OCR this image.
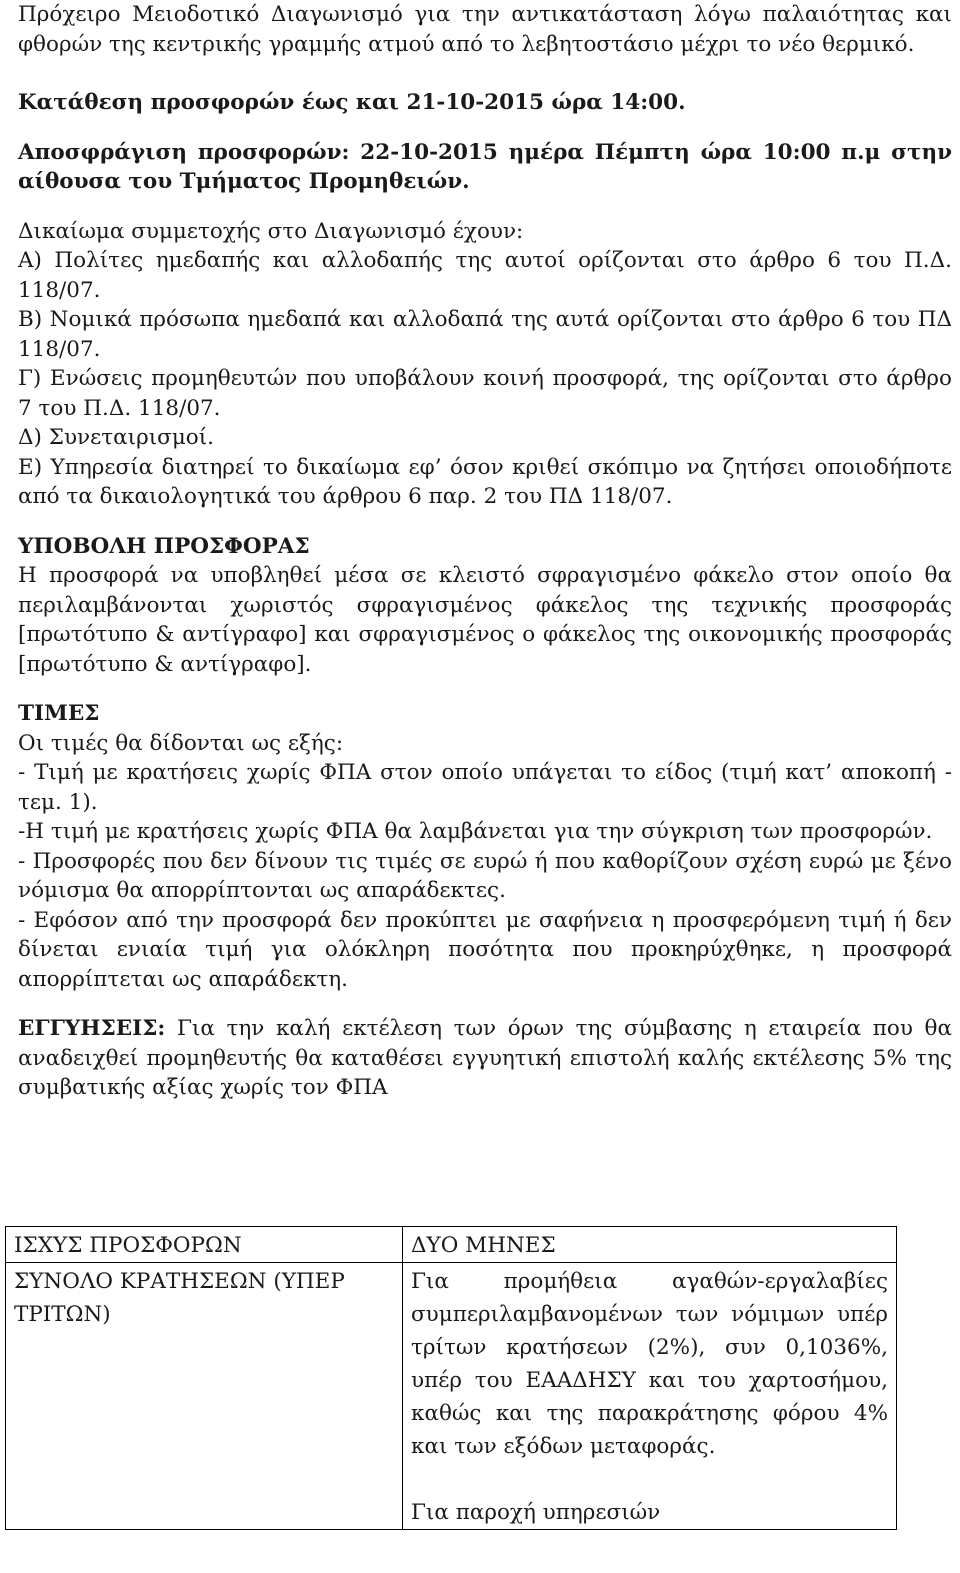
Πρόχειρο Μειοδοτικό Διαγωνισμό για την αντικατάσταση λόγω παλαιότητας και φθορών της κεντρικής γραμμής ατμού από το λεβητοστάσιο μέχρι το νέο θερμικό.

Κατάθεση προσφορών έως και 21-10-2015 ώρα 14:00.

Αποσφράγιση προσφορών: 22-10-2015 ημέρα Πέμπτη ώρα 10:00 π.μ στην αίθουσα του Τμήματος Προμηθειών.

Δικαίωμα συμμετοχής στο Διαγωνισμό έχουν:

Α) Πολίτες ημεδαπής και αλλοδαπής της αυτοί ορίζονται στο άρθρο 6 του Π.Δ. 118/07.

Β) Νομικά πρόσωπα ημεδαπά και αλλοδαπά της αυτά ορίζονται στο άρθρο 6 του ΠΔ 118/07.

Γ) Ενώσεις προμηθευτών που υποβάλουν κοινή προσφορά, της ορίζονται στο άρθρο 7 του Π.Δ. 118/07.

Δ) Συνεταιρισμοί.

Ε) Υπηρεσία διατηρεί το δικαίωμα εφ’ όσον κριθεί σκόπιμο να ζητήσει οποιοδήποτε από τα δικαιολογητικά του άρθρου 6 παρ. 2 του ΠΔ 118/07.

ΥΠΟΒΟΛΗ ΠΡΟΣΦΟΡΑΣ

Η προσφορά να υποβληθεί μέσα σε κλειστό σφραγισμένο φάκελο στον οποίο θα περιλαμβάνονται χωριστός σφραγισμένος φάκελος της τεχνικής προσφοράς [πρωτότυπο & αντίγραφο] και σφραγισμένος ο φάκελος της οικονομικής προσφοράς [πρωτότυπο & αντίγραφο].

ΤΙΜΕΣ

Οι τιμές θα δίδονται ως εξής:

- Τιμή με κρατήσεις χωρίς ΦΠΑ στον οποίο υπάγεται το είδος (τιμή κατ’ αποκοπή - τεμ. 1).

-Η τιμή με κρατήσεις χωρίς ΦΠΑ θα λαμβάνεται για την σύγκριση των προσφορών.

- Προσφορές που δεν δίνουν τις τιμές σε ευρώ ή που καθορίζουν σχέση ευρώ με ξένο νόμισμα θα απορρίπτονται ως απαράδεκτες.

- Εφόσον από την προσφορά δεν προκύπτει με σαφήνεια η προσφερόμενη τιμή ή δεν δίνεται ενιαία τιμή για ολόκληρη ποσότητα που προκηρύχθηκε, η προσφορά απορρίπτεται ως απαράδεκτη.

ΕΓΓΥΗΣΕΙΣ: Για την καλή εκτέλεση των όρων της σύμβασης η εταιρεία που θα αναδειχθεί προμηθευτής θα καταθέσει εγγυητική επιστολή καλής εκτέλεσης 5% της συμβατικής αξίας χωρίς τον ΦΠΑ

ΙΣΧΥΣ ΠΡΟΣΦΟΡΩΝ	ΔΥΟ ΜΗΝΕΣ

ΣΥΝΟΛΟ ΚΡΑΤΗΣΕΩΝ (ΥΠΕΡ ΤΡΙΤΩΝ)	Για προμήθεια αγαθών-εργαλαβίες συμπεριλαμβανομένων των νόμιμων υπέρ τρίτων κρατήσεων (2%), συν 0,1036%, υπέρ του ΕΑΑΔΗΣΥ και του χαρτοσήμου, καθώς και της παρακράτησης φόρου 4% και των εξόδων μεταφοράς.
Για παροχή υπηρεσιών
